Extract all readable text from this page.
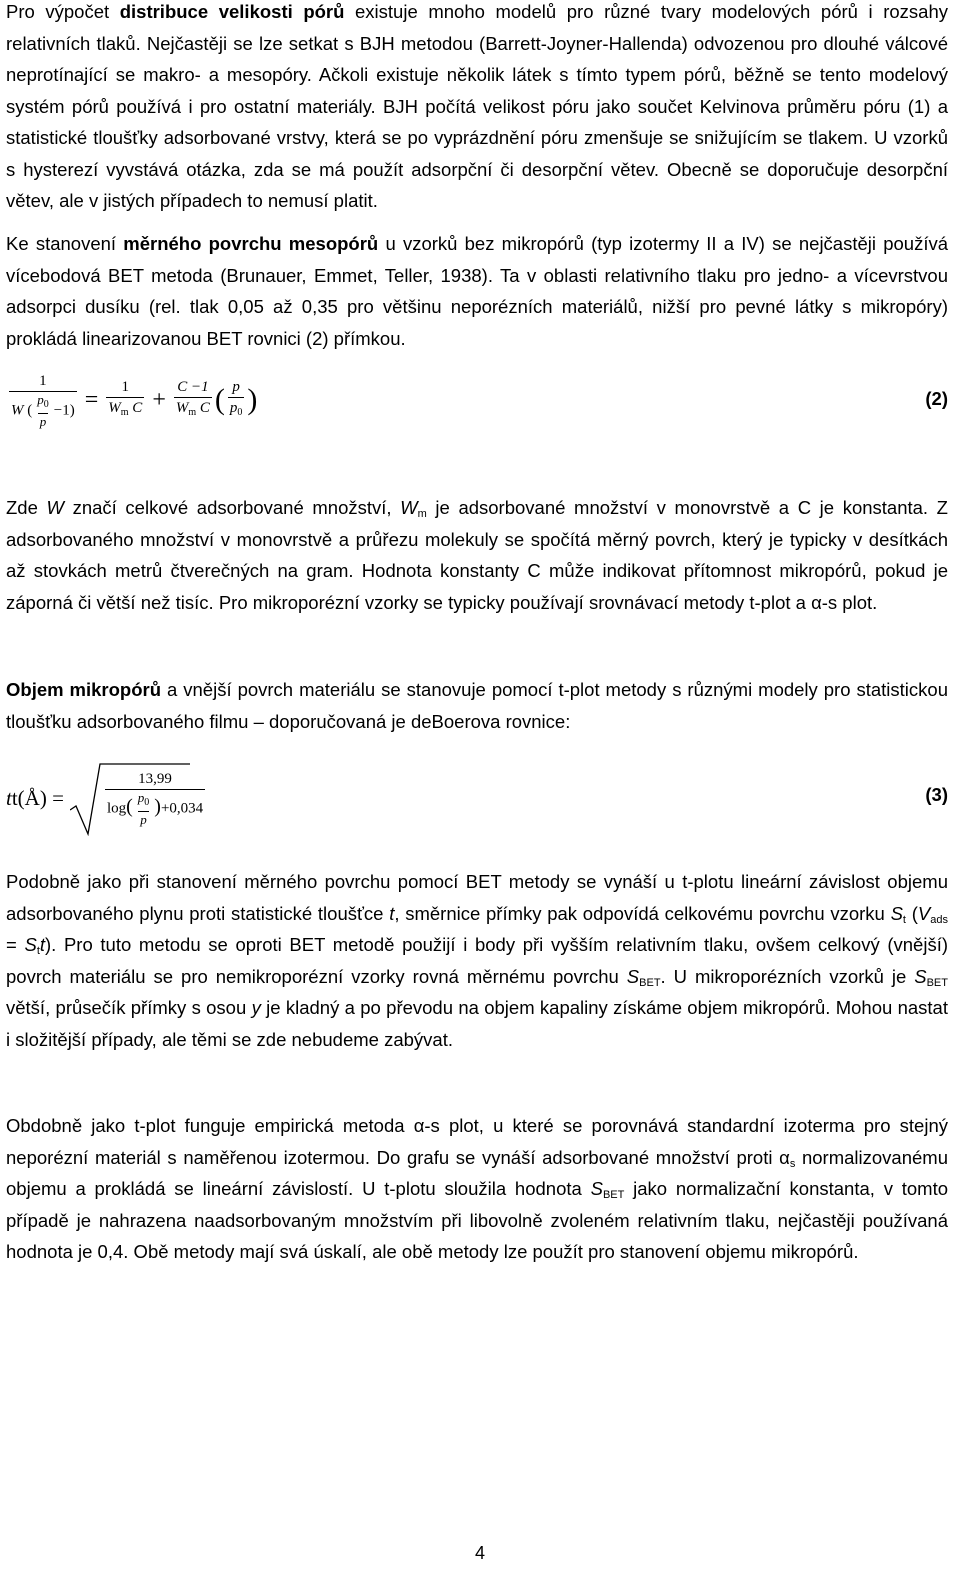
Pro výpočet distribuce velikosti pórů existuje mnoho modelů pro různé tvary modelových pórů i rozsahy relativních tlaků. Nejčastěji se lze setkat s BJH metodou (Barrett-Joyner-Hallenda) odvozenou pro dlouhé válcové neprotínající se makro- a mesopóry. Ačkoli existuje několik látek s tímto typem pórů, běžně se tento modelový systém pórů používá i pro ostatní materiály. BJH počítá velikost póru jako součet Kelvinova průměru póru (1) a statistické tloušťky adsorbované vrstvy, která se po vyprázdnění póru zmenšuje se snižujícím se tlakem. U vzorků s hysterezí vyvstává otázka, zda se má použít adsorpční či desorpční větev. Obecně se doporučuje desorpční větev, ale v jistých případech to nemusí platit.

Ke stanovení měrného povrchu mesopórů u vzorků bez mikropórů (typ izotermy II a IV) se nejčastěji používá vícebodová BET metoda (Brunauer, Emmet, Teller, 1938). Ta v oblasti relativního tlaku pro jedno- a vícevrstvou adsorpci dusíku (rel. tlak 0,05 až 0,35 pro většinu neporézních materiálů, nižší pro pevné látky s mikropóry) prokládá linearizovanou BET rovnici (2) přímkou.

$\frac{1}{W ( \frac{p_0}{p} -1)} = \frac{1}{W_m C} + \frac{C -1}{W_m C}$ ( $\frac{p}{p_0}$ )	(2)

Zde W značí celkové adsorbované množství, $W_m$ je adsorbované množství v monovrstvě a C je konstanta. Z adsorbovaného množství v monovrstvě a průřezu molekuly se spočítá měrný povrch, který je typicky v desítkách až stovkách metrů čtverečných na gram. Hodnota konstanty C může indikovat přítomnost mikropórů, pokud je záporná či větší než tisíc. Pro mikroporézní vzorky se typicky používají srovnávací metody t-plot a α-s plot.

Objem mikropórů a vnější povrch materiálu se stanovuje pomocí t-plot metody s různými modely pro statistickou tloušťku adsorbovaného filmu – doporučovaná je deBoerova rovnice:

tt(Å) =	$\frac{13,99}{\log( \frac{p_0}{p} )+0,034}$	(3)

Podobně jako při stanovení měrného povrchu pomocí BET metody se vynáší u t-plotu lineární závislost objemu adsorbovaného plynu proti statistické tloušťce t, směrnice přímky pak odpovídá celkovému povrchu vzorku $S_t$ $(V_{ads} = S_tt)$. Pro tuto metodu se oproti BET metodě použijí i body při vyšším relativním tlaku, ovšem celkový (vnější) povrch materiálu se pro nemikroporézní vzorky rovná měrnému povrchu $S_{BET}$. U mikroporézních vzorků je $S_{BET}$ větší, průsečík přímky s osou y je kladný a po převodu na objem kapaliny získáme objem mikropórů. Mohou nastat i složitější případy, ale těmi se zde nebudeme zabývat.

Obdobně jako t-plot funguje empirická metoda α-s plot, u které se porovnává standardní izoterma pro stejný neporézní materiál s naměřenou izotermou. Do grafu se vynáší adsorbované množství proti $\alpha_s$ normalizovanému objemu a prokládá se lineární závislostí. U t-plotu sloužila hodnota $S_{BET}$ jako normalizační konstanta, v tomto případě je nahrazena naadsorbovaným množstvím při libovolně zvoleném relativním tlaku, nejčastěji používaná hodnota je 0,4. Obě metody mají svá úskalí, ale obě metody lze použít pro stanovení objemu mikropórů.

4
